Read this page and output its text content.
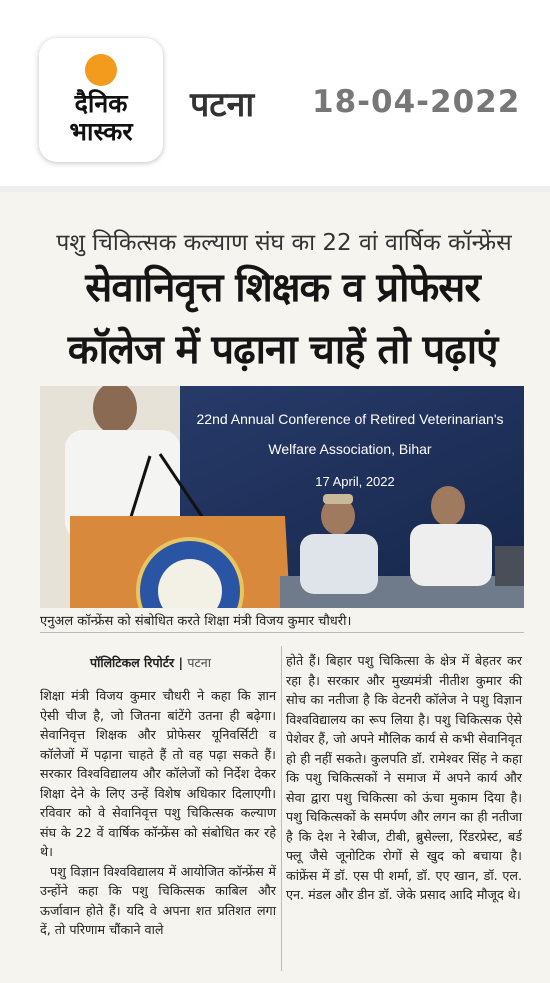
दैनिक
भास्कर
पटना 18-04-2022
पशु चिकित्सक कल्याण संघ का 22 वां वार्षिक कॉन्फ्रेंस
सेवानिवृत्त शिक्षक व प्रोफेसर
कॉलेज में पढ़ाना चाहें तो पढ़ाएं
22nd Annual Conference of Retired Veterinarian's
Welfare Association, Bihar
17 April, 2022
एनुअल कॉन्फ्रेंस को संबोधित करते शिक्षा मंत्री विजय कुमार चौधरी।
पॉलिटिकल रिपोर्टर | पटना

शिक्षा मंत्री विजय कुमार चौधरी ने कहा कि ज्ञान ऐसी चीज है, जो जितना बांटेंगे उतना ही बढ़ेगा। सेवानिवृत्त शिक्षक और प्रोफेसर यूनिवर्सिटी व कॉलेजों में पढ़ाना चाहते हैं तो वह पढ़ा सकते हैं। सरकार विश्वविद्यालय और कॉलेजों को निर्देश देकर शिक्षा देने के लिए उन्हें विशेष अधिकार दिलाएगी। रविवार को वे सेवानिवृत्त पशु चिकित्सक कल्याण संघ के 22 वें वार्षिक कॉन्फ्रेंस को संबोधित कर रहे थे।

पशु विज्ञान विश्वविद्यालय में आयोजित कॉन्फ्रेंस में उन्होंने कहा कि पशु चिकित्सक काबिल और ऊर्जावान होते हैं। यदि वे अपना शत प्रतिशत लगा दें, तो परिणाम चौंकाने वाले

होते हैं। बिहार पशु चिकित्सा के क्षेत्र में बेहतर कर रहा है। सरकार और मुख्यमंत्री नीतीश कुमार की सोच का नतीजा है कि वेटनरी कॉलेज ने पशु विज्ञान विश्वविद्यालय का रूप लिया है। पशु चिकित्सक ऐसे पेशेवर हैं, जो अपने मौलिक कार्य से कभी सेवानिवृत हो ही नहीं सकते। कुलपति डॉ. रामेश्वर सिंह ने कहा कि पशु चिकित्सकों ने समाज में अपने कार्य और सेवा द्वारा पशु चिकित्सा को ऊंचा मुकाम दिया है। पशु चिकित्सकों के समर्पण और लगन का ही नतीजा है कि देश ने रेबीज, टीबी, ब्रुसेल्ला, रिंडरप्रेस्ट, बर्ड फ्लू जैसे जूनोटिक रोगों से खुद को बचाया है। कांफ्रेंस में डॉ. एस पी शर्मा, डॉ. एए खान, डॉ. एल. एन. मंडल और डीन डॉ. जेके प्रसाद आदि मौजूद थे।
